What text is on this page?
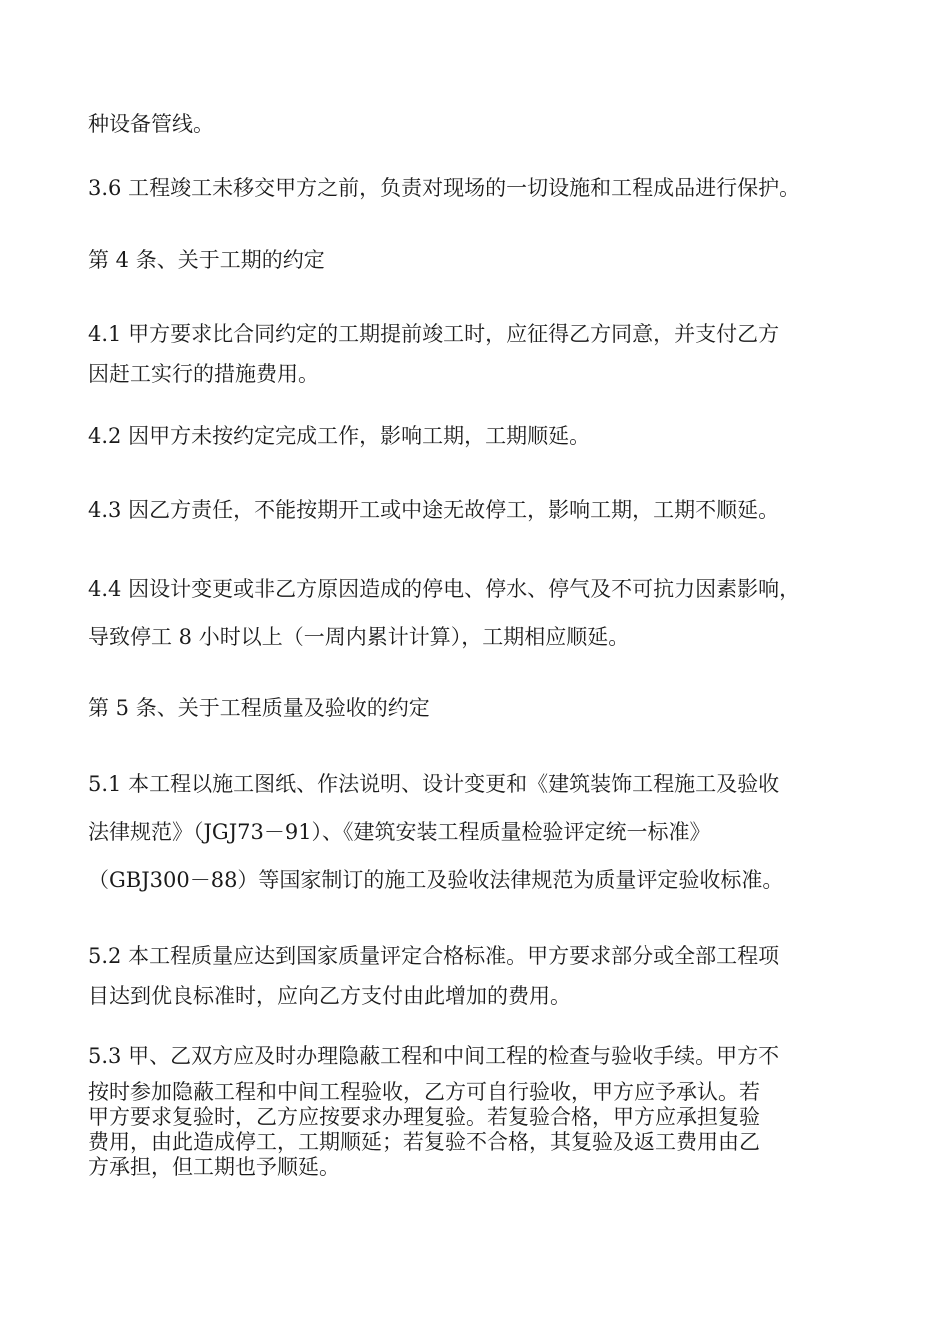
种设备管线。
3.6 工程竣工未移交甲方之前，负责对现场的一切设施和工程成品进行保护。
第 4 条、关于工期的约定
4.1 甲方要求比合同约定的工期提前竣工时，应征得乙方同意，并支付乙方
因赶工实行的措施费用。
4.2 因甲方未按约定完成工作，影响工期，工期顺延。
4.3 因乙方责任，不能按期开工或中途无故停工，影响工期，工期不顺延。
4.4 因设计变更或非乙方原因造成的停电、停水、停气及不可抗力因素影响，
导致停工 8 小时以上（一周内累计计算），工期相应顺延。
第 5 条、关于工程质量及验收的约定
5.1 本工程以施工图纸、作法说明、设计变更和《建筑装饰工程施工及验收
法律规范》（JGJ73－91）、《建筑安装工程质量检验评定统一标准》
（GBJ300－88）等国家制订的施工及验收法律规范为质量评定验收标准。
5.2 本工程质量应达到国家质量评定合格标准。甲方要求部分或全部工程项
目达到优良标准时，应向乙方支付由此增加的费用。
5.3 甲、乙双方应及时办理隐蔽工程和中间工程的检查与验收手续。甲方不
按时参加隐蔽工程和中间工程验收，乙方可自行验收，甲方应予承认。若
甲方要求复验时，乙方应按要求办理复验。若复验合格，甲方应承担复验
费用，由此造成停工，工期顺延；若复验不合格，其复验及返工费用由乙
方承担，但工期也予顺延。
